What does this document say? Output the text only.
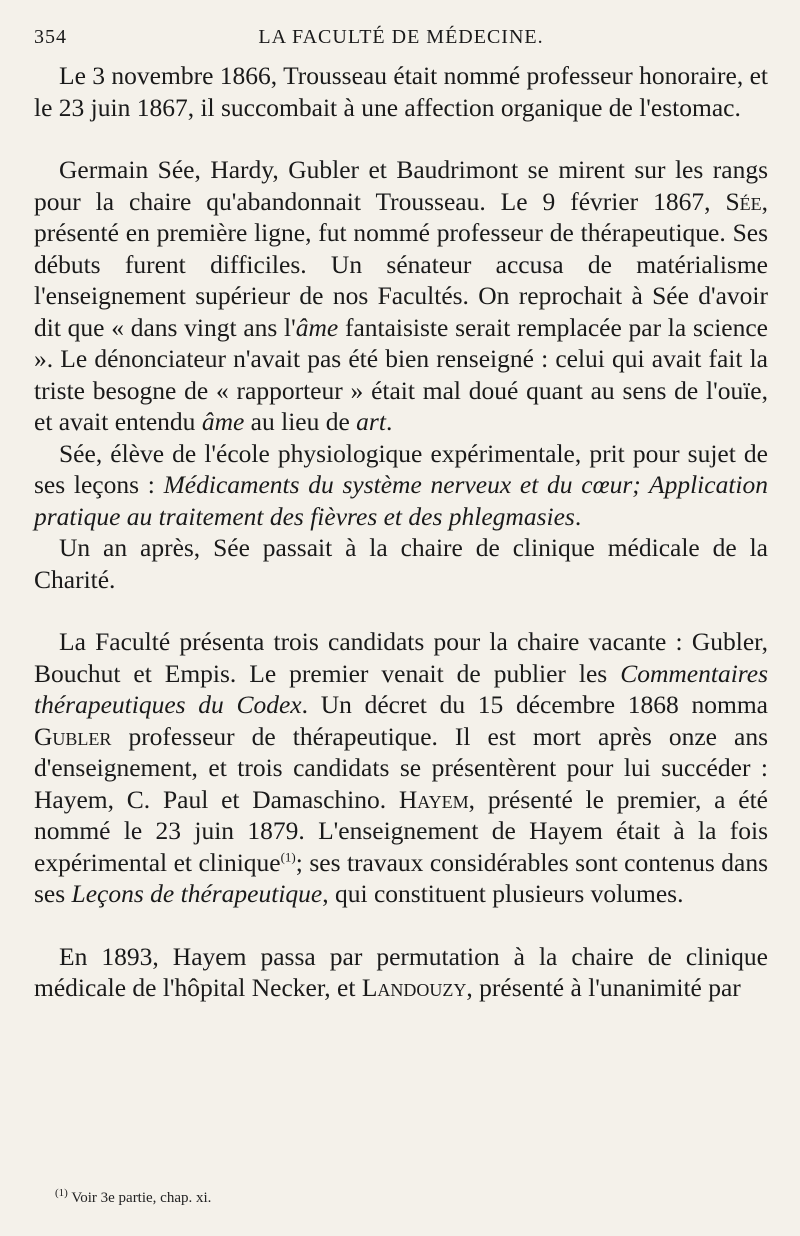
354	LA FACULTÉ DE MÉDECINE.

Le 3 novembre 1866, Trousseau était nommé professeur honoraire, et le 23 juin 1867, il succombait à une affection organique de l'estomac.

Germain Sée, Hardy, Gubler et Baudrimont se mirent sur les rangs pour la chaire qu'abandonnait Trousseau. Le 9 février 1867, Sée, présenté en première ligne, fut nommé professeur de thérapeutique. Ses débuts furent difficiles. Un sénateur accusa de matérialisme l'enseignement supérieur de nos Facultés. On reprochait à Sée d'avoir dit que « dans vingt ans l'âme fantaisiste serait remplacée par la science ». Le dénonciateur n'avait pas été bien renseigné : celui qui avait fait la triste besogne de « rapporteur » était mal doué quant au sens de l'ouïe, et avait entendu âme au lieu de art.

Sée, élève de l'école physiologique expérimentale, prit pour sujet de ses leçons : Médicaments du système nerveux et du cœur; Application pratique au traitement des fièvres et des phlegmasies.

Un an après, Sée passait à la chaire de clinique médicale de la Charité.

La Faculté présenta trois candidats pour la chaire vacante : Gubler, Bouchut et Empis. Le premier venait de publier les Commentaires thérapeutiques du Codex. Un décret du 15 décembre 1868 nomma Gubler professeur de thérapeutique. Il est mort après onze ans d'enseignement, et trois candidats se présentèrent pour lui succéder : Hayem, C. Paul et Damaschino. Hayem, présenté le premier, a été nommé le 23 juin 1879. L'enseignement de Hayem était à la fois expérimental et clinique$^{(1)}$; ses travaux considérables sont contenus dans ses Leçons de thérapeutique, qui constituent plusieurs volumes.

En 1893, Hayem passa par permutation à la chaire de clinique médicale de l'hôpital Necker, et Landouzy, présenté à l'unanimité par

$^{(1)}$ Voir 3e partie, chap. xi.
